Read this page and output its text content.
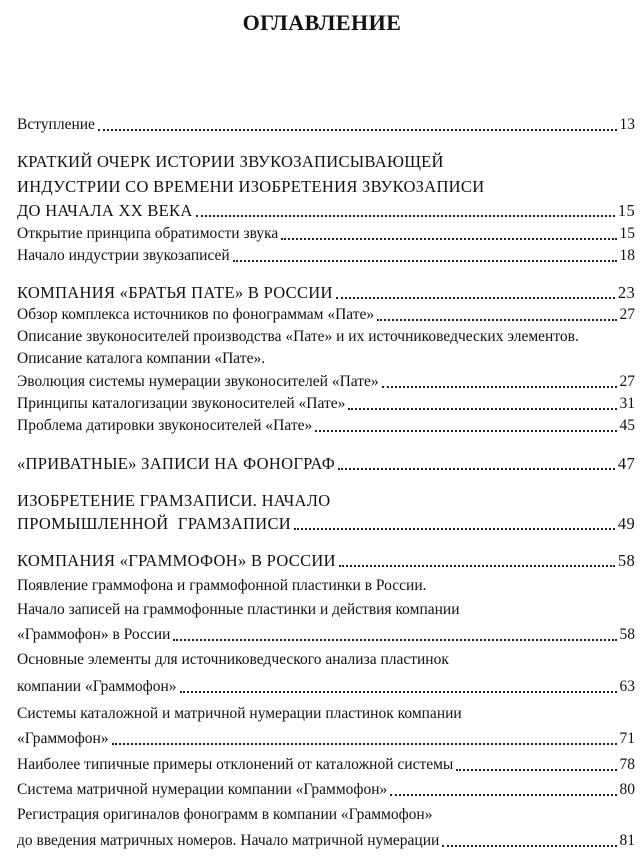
ОГЛАВЛЕНИЕ
Вступление	13
КРАТКИЙ ОЧЕРК ИСТОРИИ ЗВУКОЗАПИСЫВАЮЩЕЙ
ИНДУСТРИИ СО ВРЕМЕНИ ИЗОБРЕТЕНИЯ ЗВУКОЗАПИСИ
ДО НАЧАЛА XX ВЕКА	15
Открытие принципа обратимости звука	15
Начало индустрии звукозаписей	18
КОМПАНИЯ «БРАТЬЯ ПАТЕ» В РОССИИ	23
Обзор комплекса источников по фонограммам «Пате»	27
Описание звуконосителей производства «Пате» и их источниковедческих элементов.
Описание каталога компании «Пате».
Эволюция системы нумерации звуконосителей «Пате»	27
Принципы каталогизации звуконосителей «Пате»	31
Проблема датировки звуконосителей «Пате»	45
«ПРИВАТНЫЕ» ЗАПИСИ НА ФОНОГРАФ	47
ИЗОБРЕТЕНИЕ ГРАМЗАПИСИ. НАЧАЛО
ПРОМЫШЛЕННОЙ ГРАМЗАПИСИ	49
КОМПАНИЯ «ГРАММОФОН» В РОССИИ	58
Появление граммофона и граммофонной пластинки в России.
Начало записей на граммофонные пластинки и действия компании
«Граммофон» в России	58
Основные элементы для источниковедческого анализа пластинок
компании «Граммофон»	63
Системы каталожной и матричной нумерации пластинок компании
«Граммофон»	71
Наиболее типичные примеры отклонений от каталожной системы	78
Система матричной нумерации компании «Граммофон»	80
Регистрация оригиналов фонограмм в компании «Граммофон»
до введения матричных номеров. Начало матричной нумерации	81
